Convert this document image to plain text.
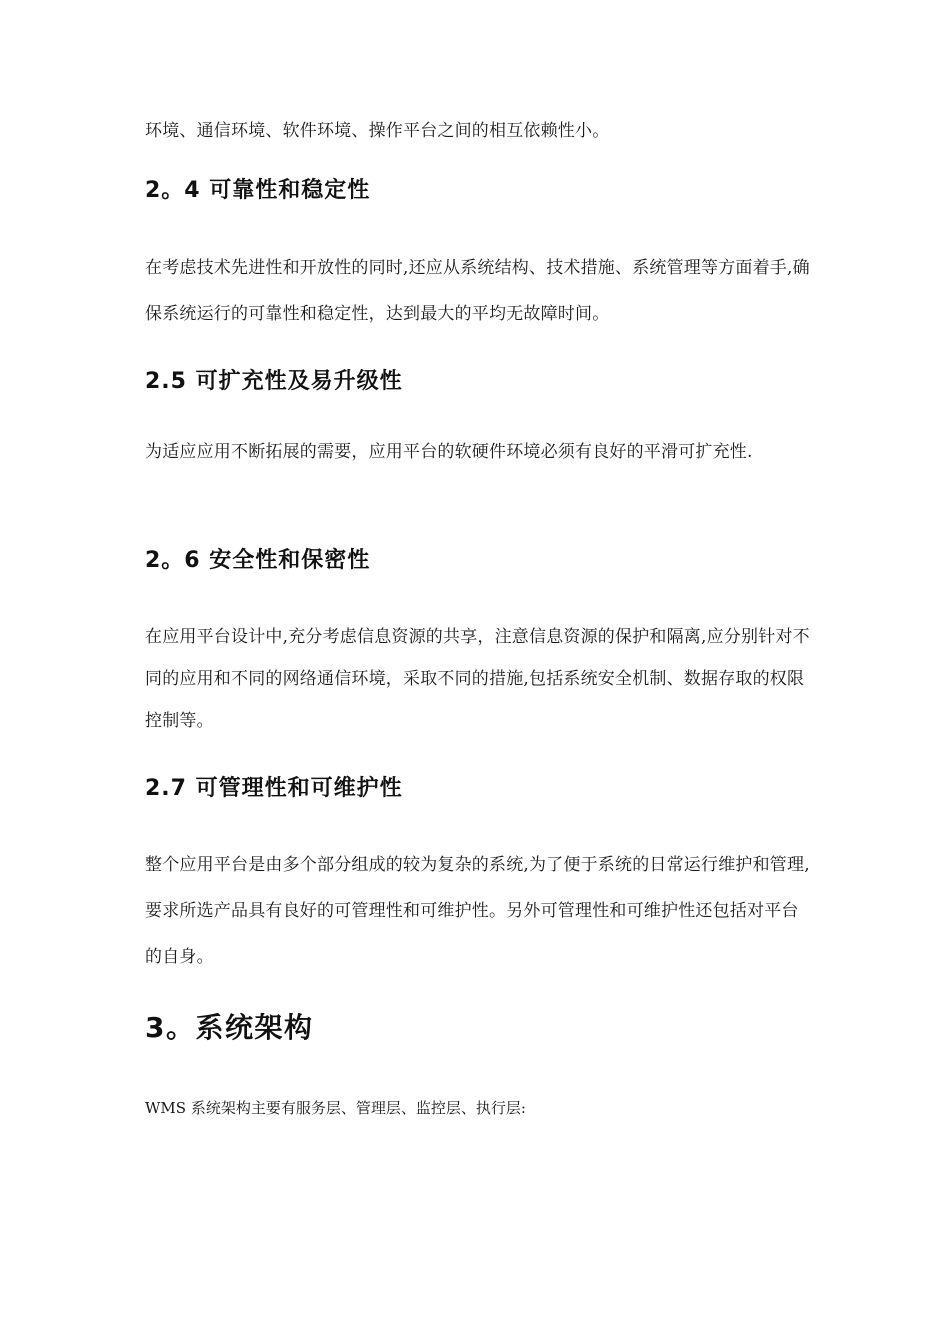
环境、通信环境、软件环境、操作平台之间的相互依赖性小。

2。4 可靠性和稳定性

在考虑技术先进性和开放性的同时,还应从系统结构、技术措施、系统管理等方面着手,确保系统运行的可靠性和稳定性，达到最大的平均无故障时间。

2.5 可扩充性及易升级性

为适应应用不断拓展的需要，应用平台的软硬件环境必须有良好的平滑可扩充性.

2。6 安全性和保密性

在应用平台设计中,充分考虑信息资源的共享，注意信息资源的保护和隔离,应分别针对不同的应用和不同的网络通信环境，采取不同的措施,包括系统安全机制、数据存取的权限控制等。

2.7 可管理性和可维护性

整个应用平台是由多个部分组成的较为复杂的系统,为了便于系统的日常运行维护和管理,要求所选产品具有良好的可管理性和可维护性。另外可管理性和可维护性还包括对平台的自身。

3。系统架构

WMS 系统架构主要有服务层、管理层、监控层、执行层:
